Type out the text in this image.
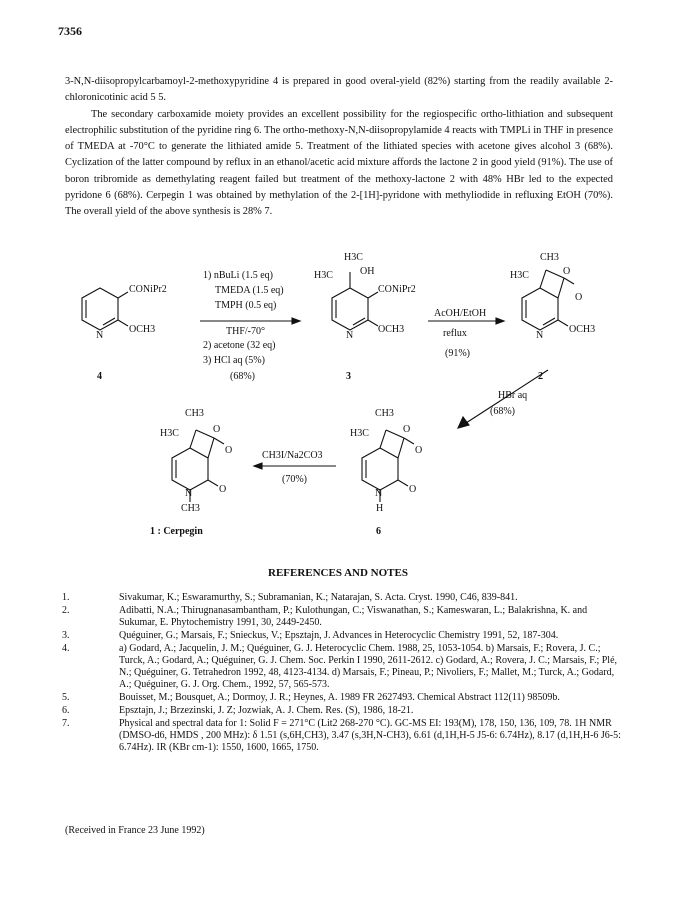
7356

3-N,N-diisopropylcarbamoyl-2-methoxypyridine 4 is prepared in good overal-yield (82%) starting from the readily available 2-chloronicotinic acid 5 5.

The secondary carboxamide moiety provides an excellent possibility for the regiospecific ortho-lithiation and subsequent electrophilic substitution of the pyridine ring 6. The ortho-methoxy-N,N-diisopropylamide 4 reacts with TMPLi in THF in presence of TMEDA at -70°C to generate the lithiated amide 5. Treatment of the lithiated species with acetone gives alcohol 3 (68%). Cyclization of the latter compound by reflux in an ethanol/acetic acid mixture affords the lactone 2 in good yield (91%). The use of boron tribromide as demethylating reagent failed but treatment of the methoxy-lactone 2 with 48% HBr led to the expected pyridone 6 (68%). Cerpegin 1 was obtained by methylation of the 2-[1H]-pyridone with methyliodide in refluxing EtOH (70%). The overall yield of the above synthesis is 28% 7.

CONiPr2
N
OCH3
4
1) nBuLi (1.5 eq)
TMEDA (1.5 eq)
TMPH (0.5 eq)
THF/-70°
2) acetone (32 eq)
3) HCl aq (5%)
(68%)
H3C
H3C	OH
CONiPr2
N
OCH3
3
AcOH/EtOH
reflux
(91%)
CH3
H3C	O
O
N
OCH3
2
HBr aq
(68%)
CH3
H3C	O
O
O
N
H
6
CH3I/Na2CO3
(70%)
CH3
H3C	O
O
O
N
CH3
1 : Cerpegin
REFERENCES AND NOTES
1.	Sivakumar, K.; Eswaramurthy, S.; Subramanian, K.; Natarajan, S. Acta. Cryst. 1990, C46, 839-841.
2.	Adibatti, N.A.; Thirugnanasambantham, P.; Kulothungan, C.; Viswanathan, S.; Kameswaran, L.; Balakrishna, K. and Sukumar, E. Phytochemistry 1991, 30, 2449-2450.
3.	Quéguiner, G.; Marsais, F.; Snieckus, V.; Epsztajn, J. Advances in Heterocyclic Chemistry 1991, 52, 187-304.
4.	a) Godard, A.; Jacquelin, J. M.; Quéguiner, G. J. Heterocyclic Chem. 1988, 25, 1053-1054. b) Marsais, F.; Rovera, J. C.; Turck, A.; Godard, A.; Quéguiner, G. J. Chem. Soc. Perkin I 1990, 2611-2612. c) Godard, A.; Rovera, J. C.; Marsais, F.; Plé, N.; Quéguiner, G. Tetrahedron 1992, 48, 4123-4134. d) Marsais, F.; Pineau, P.; Nivoliers, F.; Mallet, M.; Turck, A.; Godard, A.; Quéguiner, G. J. Org. Chem., 1992, 57, 565-573.
5.	Bouisset, M.; Bousquet, A.; Dormoy, J. R.; Heynes, A. 1989 FR 2627493. Chemical Abstract 112(11) 98509b.
6.	Epsztajn, J.; Brzezinski, J. Z; Jozwiak, A. J. Chem. Res. (S), 1986, 18-21.
7.	Physical and spectral data for 1: Solid F = 271°C (Lit2 268-270 °C). GC-MS EI: 193(M), 178, 150, 136, 109, 78. 1H NMR (DMSO-d6, HMDS , 200 MHz): δ 1.51 (s,6H,CH3), 3.47 (s,3H,N-CH3), 6.61 (d,1H,H-5 J5-6: 6.74Hz), 8.17 (d,1H,H-6 J6-5: 6.74Hz). IR (KBr cm-1): 1550, 1600, 1665, 1750.
(Received in France 23 June 1992)
